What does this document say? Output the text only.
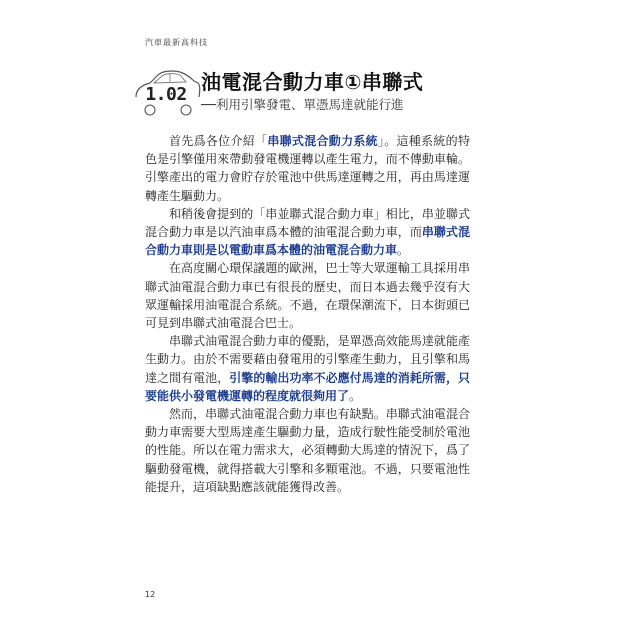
汽車最新高科技
1.02
油電混合動力車①串聯式
──利用引擎發電、單憑馬達就能行進

首先爲各位介紹「串聯式混合動力系統」。這種系統的特色是引擎僅用來帶動發電機運轉以產生電力，而不傳動車輪。引擎產出的電力會貯存於電池中供馬達運轉之用，再由馬達運轉產生驅動力。

和稍後會提到的「串並聯式混合動力車」相比，串並聯式混合動力車是以汽油車爲本體的油電混合動力車，而串聯式混合動力車則是以電動車爲本體的油電混合動力車。

在高度關心環保議題的歐洲，巴士等大眾運輸工具採用串聯式油電混合動力車已有很長的歷史，而日本過去幾乎沒有大眾運輸採用油電混合系統。不過，在環保潮流下，日本街頭已可見到串聯式油電混合巴士。

串聯式油電混合動力車的優點，是單憑高效能馬達就能產生動力。由於不需要藉由發電用的引擎產生動力，且引擎和馬達之間有電池，引擎的輸出功率不必應付馬達的消耗所需，只要能供小發電機運轉的程度就很夠用了。

然而，串聯式油電混合動力車也有缺點。串聯式油電混合動力車需要大型馬達產生驅動力量，造成行駛性能受制於電池的性能。所以在電力需求大，必須轉動大馬達的情況下，爲了驅動發電機，就得搭載大引擎和多顆電池。不過，只要電池性能提升，這項缺點應該就能獲得改善。

12
